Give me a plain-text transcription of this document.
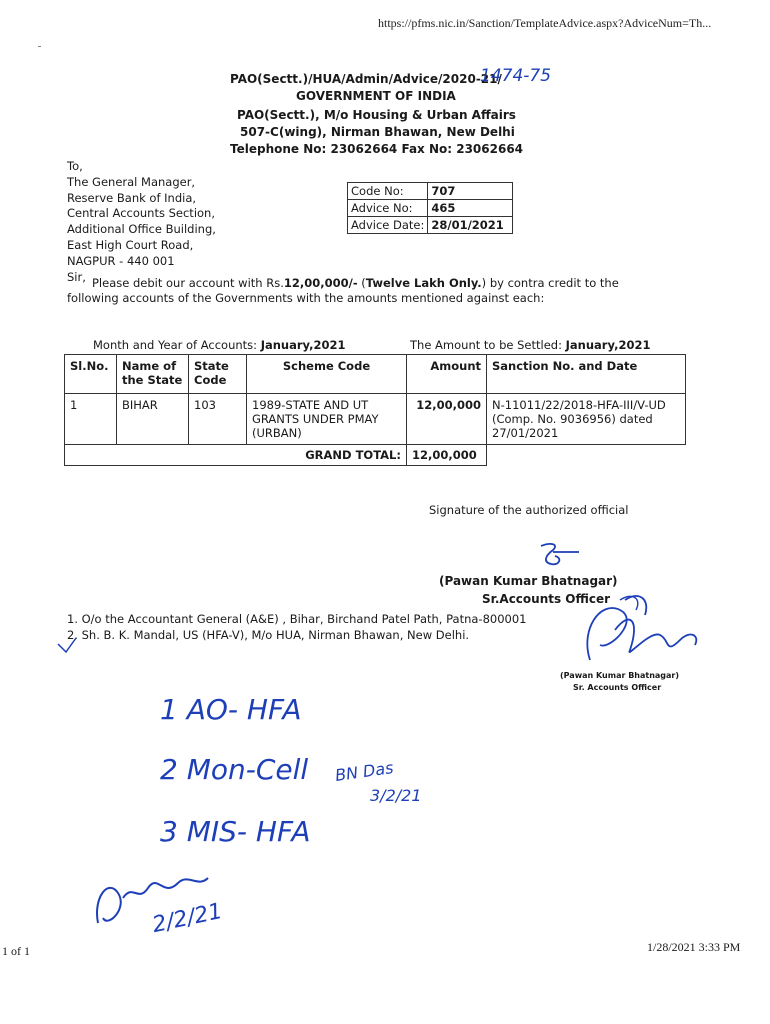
https://pfms.nic.in/Sanction/TemplateAdvice.aspx?AdviceNum=Th...
PAO(Sectt.)/HUA/Admin/Advice/2020-21/
1474-75
GOVERNMENT OF INDIA
PAO(Sectt.), M/o Housing & Urban Affairs
507-C(wing), Nirman Bhawan, New Delhi
Telephone No: 23062664 Fax No: 23062664
To,
The General Manager,
Reserve Bank of India,
Central Accounts Section,
Additional Office Building,
East High Court Road,
NAGPUR - 440 001
Sir,
Code No:	707
Advice No:	465
Advice Date:	28/01/2021
Please debit our account with Rs.12,00,000/- (Twelve Lakh Only.) by contra credit to the
following accounts of the Governments with the amounts mentioned against each:
Month and Year of Accounts: January,2021	The Amount to be Settled: January,2021
Sl.No.	Name of the State	State Code	Scheme Code	Amount	Sanction No. and Date
1	BIHAR	103	1989-STATE AND UT GRANTS UNDER PMAY (URBAN)	12,00,000	N-11011/22/2018-HFA-III/V-UD (Comp. No. 9036956) dated 27/01/2021
GRAND TOTAL:				12,00,000	
Signature of the authorized official
(Pawan Kumar Bhatnagar)
Sr.Accounts Officer
1. O/o the Accountant General (A&E) , Bihar, Birchand Patel Path, Patna-800001
2. Sh. B. K. Mandal, US (HFA-V), M/o HUA, Nirman Bhawan, New Delhi.
(Pawan Kumar Bhatnagar)
Sr. Accounts Officer
1 AO- HFA
2 Mon-Cell BN Das
3/2/21
3 MIS- HFA
2/2/21
1 of 1	1/28/2021 3:33 PM
